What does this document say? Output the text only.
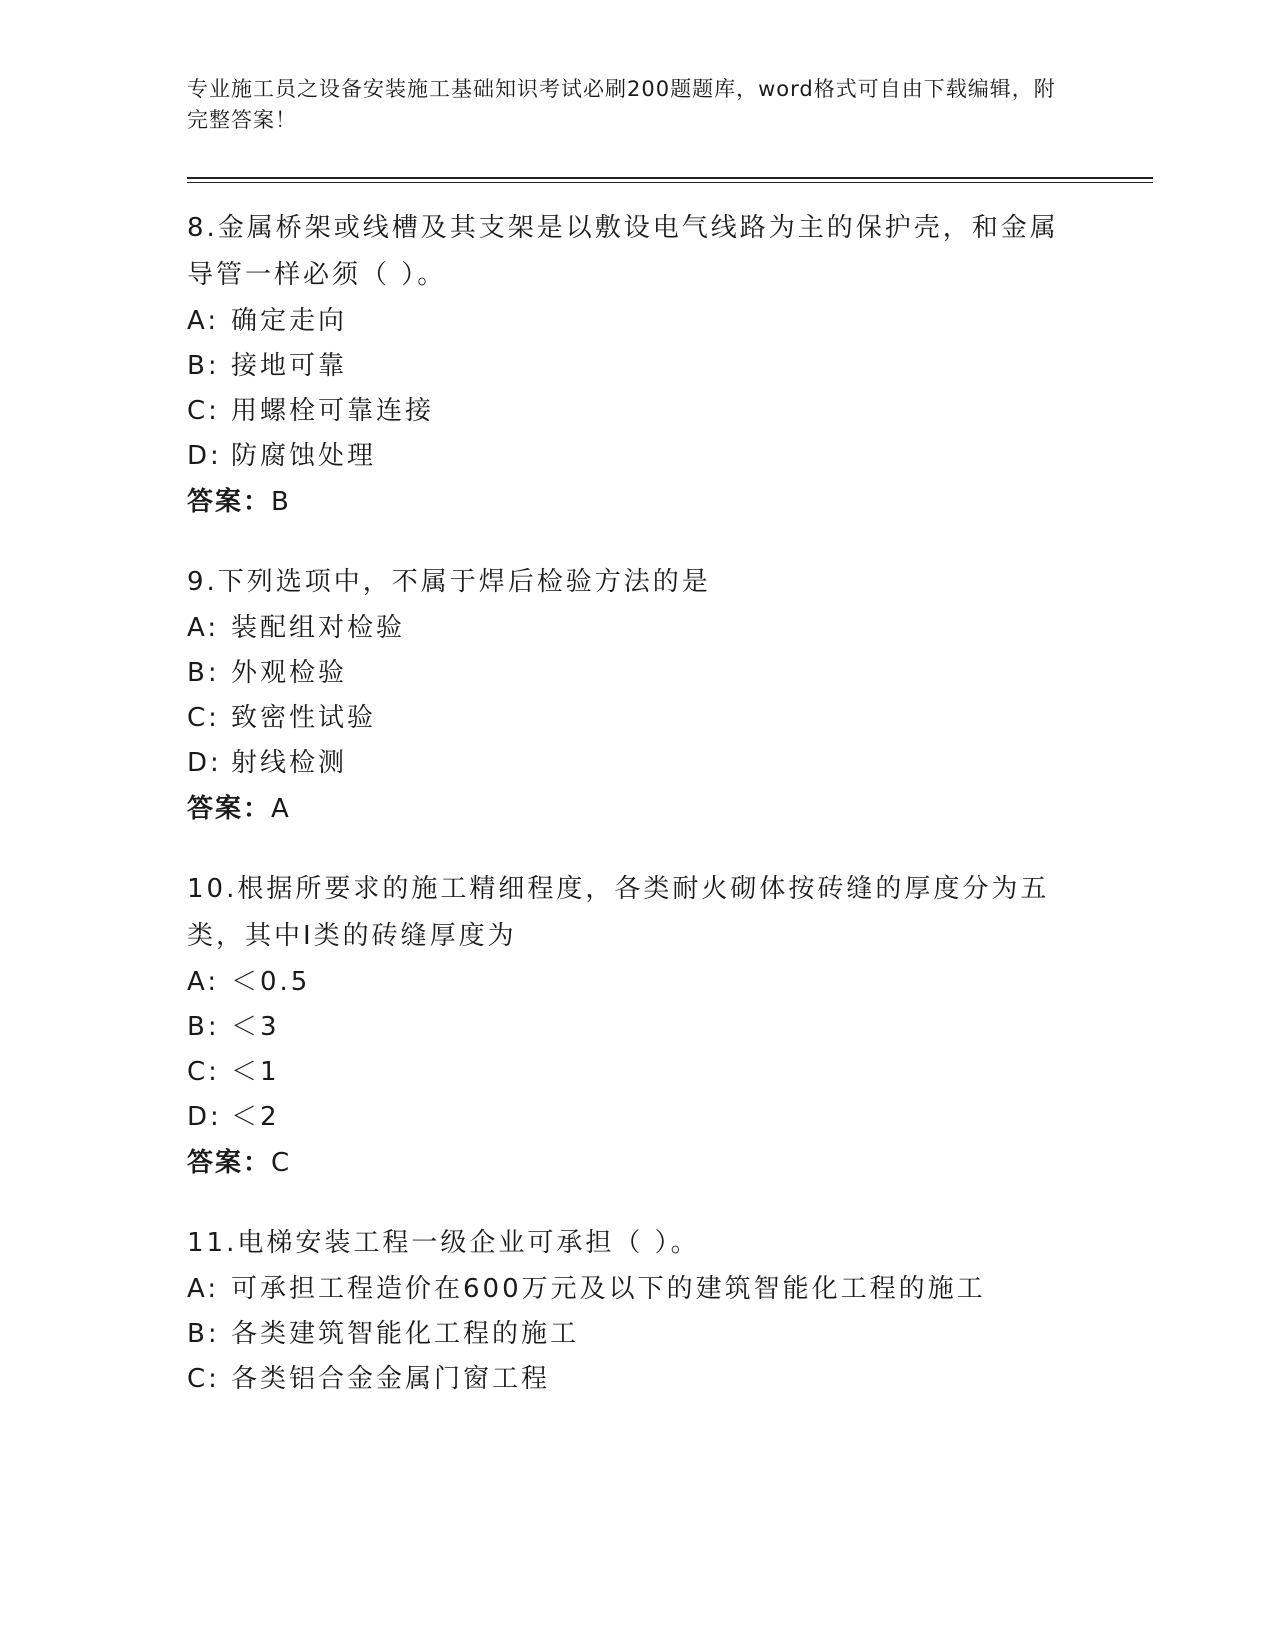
专业施工员之设备安装施工基础知识考试必刷200题题库，word格式可自由下载编辑，附完整答案！
8.金属桥架或线槽及其支架是以敷设电气线路为主的保护壳，和金属导管一样必须（ ）。
A: 确定走向
B: 接地可靠
C: 用螺栓可靠连接
D: 防腐蚀处理
答案：B
9.下列选项中，不属于焊后检验方法的是
A: 装配组对检验
B: 外观检验
C: 致密性试验
D: 射线检测
答案：A
10.根据所要求的施工精细程度，各类耐火砌体按砖缝的厚度分为五类，其中I类的砖缝厚度为
A: ＜0.5
B: ＜3
C: ＜1
D: ＜2
答案：C
11.电梯安装工程一级企业可承担（ ）。
A: 可承担工程造价在600万元及以下的建筑智能化工程的施工
B: 各类建筑智能化工程的施工
C: 各类铝合金金属门窗工程
